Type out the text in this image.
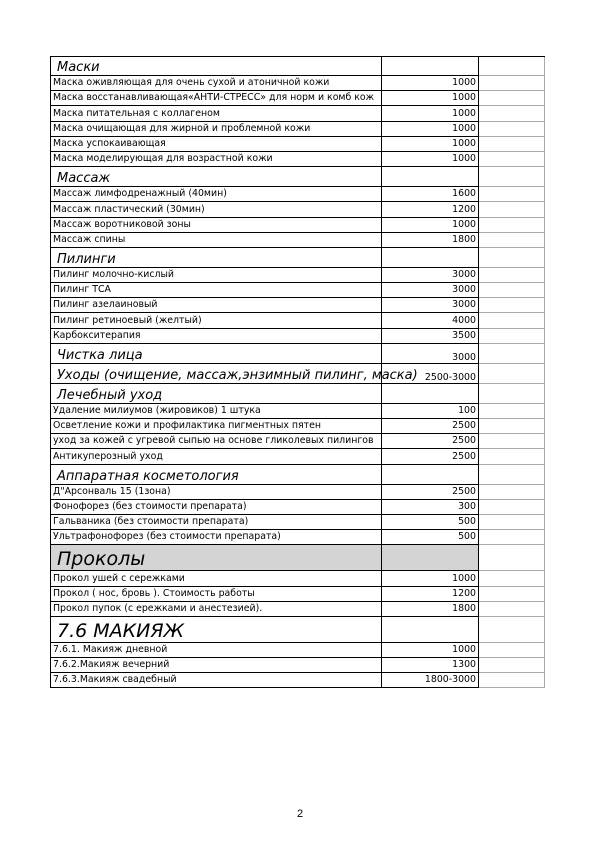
Маски
Маска оживляющая для очень сухой и атоничной кожи	1000
Маска восстанавливающая«АНТИ-СТРЕСС» для норм и комб кож	1000
Маска питательная с коллагеном	1000
Маска очищающая для жирной и проблемной кожи	1000
Маска успокаивающая	1000
Маска моделирующая для возрастной кожи	1000
Массаж
Массаж лимфодренажный (40мин)	1600
Массаж пластический (30мин)	1200
Массаж воротниковой зоны	1000
Массаж спины	1800
Пилинги
Пилинг молочно-кислый	3000
Пилинг ТСА	3000
Пилинг азелаиновый	3000
Пилинг ретиноевый (желтый)	4000
Карбокситерапия	3500
Чистка лица	3000
Уходы (очищение, массаж,энзимный пилинг, маска) 2500-3000
Лечебный уход
Удаление милиумов (жировиков) 1 штука	100
Осветление кожи и профилактика пигментных пятен	2500
уход за кожей с угревой сыпью на основе гликолевых пилингов	2500
Антикуперозный уход	2500
Аппаратная косметология
Д"Арсонваль 15 (1зона)	2500
Фонофорез (без стоимости препарата)	300
Гальваника (без стоимости препарата)	500
Ультрафонофорез (без стоимости препарата)	500
Проколы
Прокол ушей с сережками	1000
Прокол ( нос, бровь ). Стоимость работы	1200
Прокол пупок (с ережками и анестезией).	1800
7.6 МАКИЯЖ
7.6.1. Макияж дневной	1000
7.6.2.Макияж вечерний	1300
7.6.3.Макияж свадебный	1800-3000
2
